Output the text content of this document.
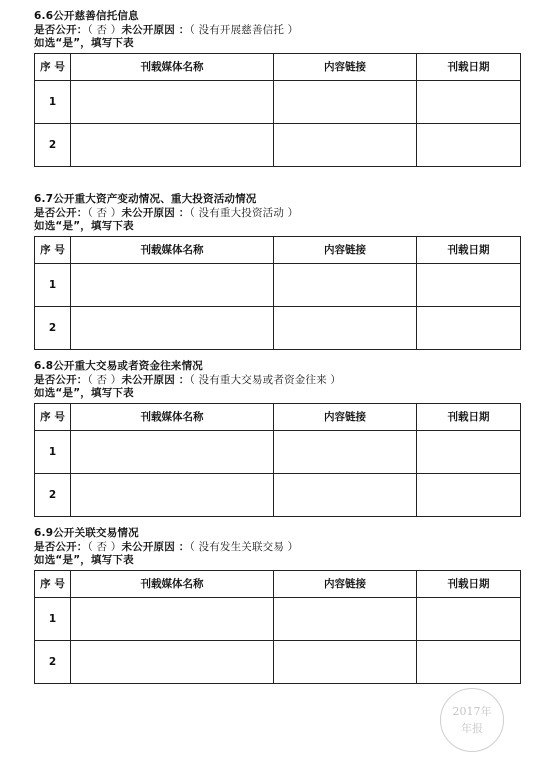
6.6公开慈善信托信息
是否公开：（ 否 ）未公开原因 ：（ 没有开展慈善信托 ）
如选“是”，填写下表
序 号	刊载媒体名称	内容链接	刊载日期
1			
2			
6.7公开重大资产变动情况、重大投资活动情况
是否公开：（ 否 ）未公开原因 ：（ 没有重大投资活动 ）
如选“是”，填写下表
序 号	刊载媒体名称	内容链接	刊载日期
1			
2			
6.8公开重大交易或者资金往来情况
是否公开：（ 否 ）未公开原因 ：（ 没有重大交易或者资金往来 ）
如选“是”，填写下表
序 号	刊载媒体名称	内容链接	刊载日期
1			
2			
6.9公开关联交易情况
是否公开：（ 否 ）未公开原因 ：（ 没有发生关联交易 ）
如选“是”，填写下表
序 号	刊载媒体名称	内容链接	刊载日期
1			
2			
2017年
年报
